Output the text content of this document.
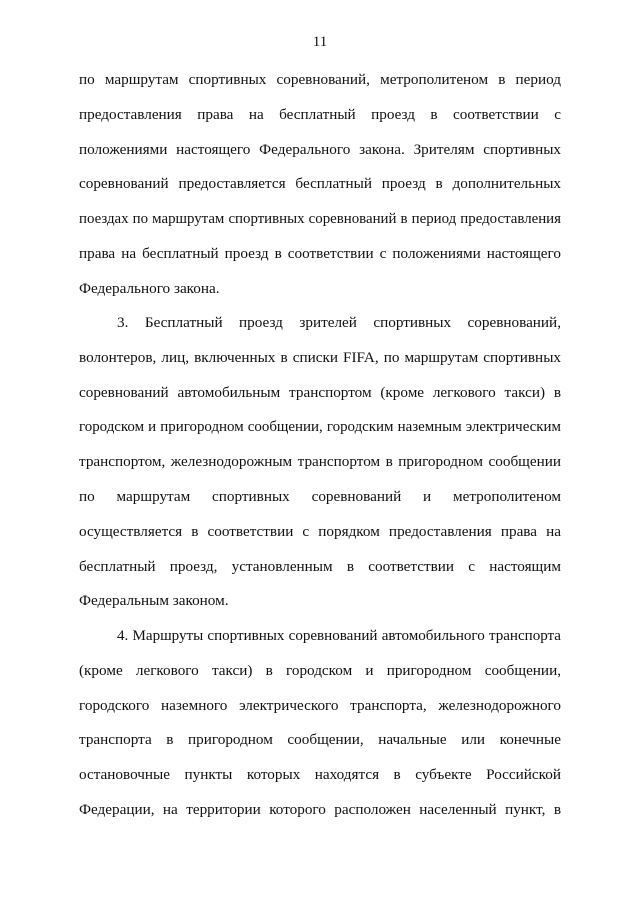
11
по маршрутам спортивных соревнований, метрополитеном в период
предоставления права на бесплатный проезд в соответствии с
положениями настоящего Федерального закона. Зрителям спортивных
соревнований предоставляется бесплатный проезд в дополнительных
поездах по маршрутам спортивных соревнований в период предоставления
права на бесплатный проезд в соответствии с положениями настоящего
Федерального закона.
3. Бесплатный проезд зрителей спортивных соревнований,
волонтеров, лиц, включенных в списки FIFA, по маршрутам спортивных
соревнований автомобильным транспортом (кроме легкового такси) в
городском и пригородном сообщении, городским наземным электрическим
транспортом, железнодорожным транспортом в пригородном сообщении
по маршрутам спортивных соревнований и метрополитеном
осуществляется в соответствии с порядком предоставления права на
бесплатный проезд, установленным в соответствии с настоящим
Федеральным законом.
4. Маршруты спортивных соревнований автомобильного транспорта
(кроме легкового такси) в городском и пригородном сообщении,
городского наземного электрического транспорта, железнодорожного
транспорта в пригородном сообщении, начальные или конечные
остановочные пункты которых находятся в субъекте Российской
Федерации, на территории которого расположен населенный пункт, в
